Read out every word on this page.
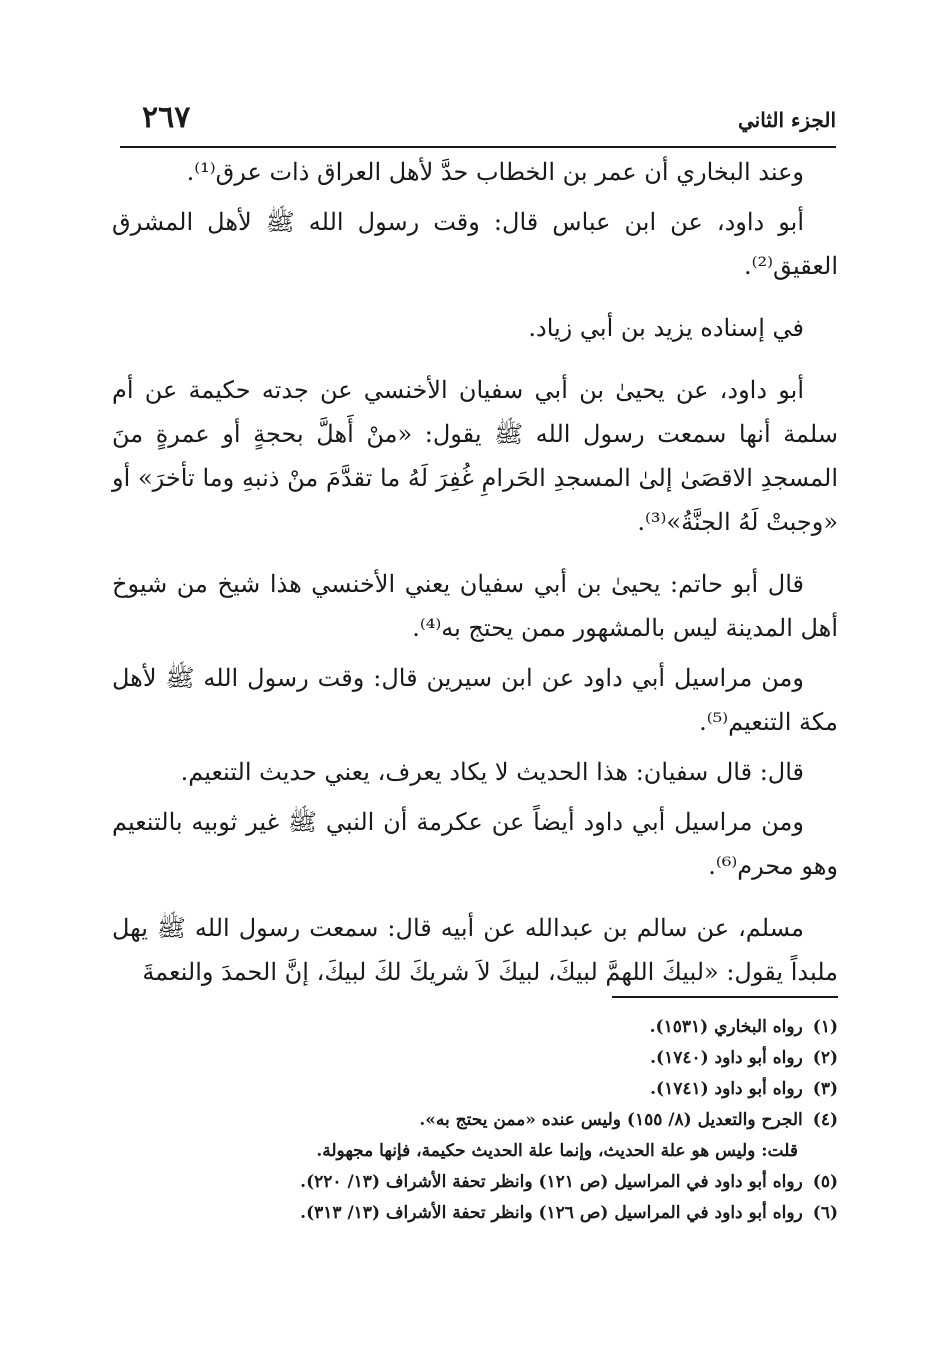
٢٦٧	الجزء الثاني

وعند البخاري أن عمر بن الخطاب حدَّ لأهل العراق ذات عرق⁽¹⁾.

أبو داود، عن ابن عباس قال: وقت رسول الله ﷺ لأهل المشرق العقيق⁽²⁾.

في إسناده يزيد بن أبي زياد.

أبو داود، عن يحيىٰ بن أبي سفيان الأخنسي عن جدته حكيمة عن أم سلمة أنها سمعت رسول الله ﷺ يقول: «منْ أَهلَّ بحجةٍ أو عمرةٍ منَ المسجدِ الاقصَىٰ إلىٰ المسجدِ الحَرامِ غُفِرَ لَهُ ما تقدَّمَ منْ ذنبهِ وما تأخرَ» أو «وجبتْ لَهُ الجنَّةُ»⁽³⁾.

قال أبو حاتم: يحيىٰ بن أبي سفيان يعني الأخنسي هذا شيخ من شيوخ أهل المدينة ليس بالمشهور ممن يحتج به⁽⁴⁾.

ومن مراسيل أبي داود عن ابن سيرين قال: وقت رسول الله ﷺ لأهل مكة التنعيم⁽⁵⁾.

قال: قال سفيان: هذا الحديث لا يكاد يعرف، يعني حديث التنعيم.

ومن مراسيل أبي داود أيضاً عن عكرمة أن النبي ﷺ غير ثوبيه بالتنعيم وهو محرم⁽⁶⁾.

مسلم، عن سالم بن عبدالله عن أبيه قال: سمعت رسول الله ﷺ يهل ملبداً يقول: «لبيكَ اللهمَّ لبيكَ، لبيكَ لاَ شريكَ لكَ لبيكَ، إنَّ الحمدَ والنعمةَ

(١)رواه البخاري (١٥٣١).

(٢)رواه أبو داود (١٧٤٠).

(٣)رواه أبو داود (١٧٤١).

(٤)الجرح والتعديل (٨/ ١٥٥) وليس عنده «ممن يحتج به».

قلت: وليس هو علة الحديث، وإنما علة الحديث حكيمة، فإنها مجهولة.

(٥)رواه أبو داود في المراسيل (ص ١٢١) وانظر تحفة الأشراف (١٣/ ٢٢٠).

(٦)رواه أبو داود في المراسيل (ص ١٢٦) وانظر تحفة الأشراف (١٣/ ٣١٣).
